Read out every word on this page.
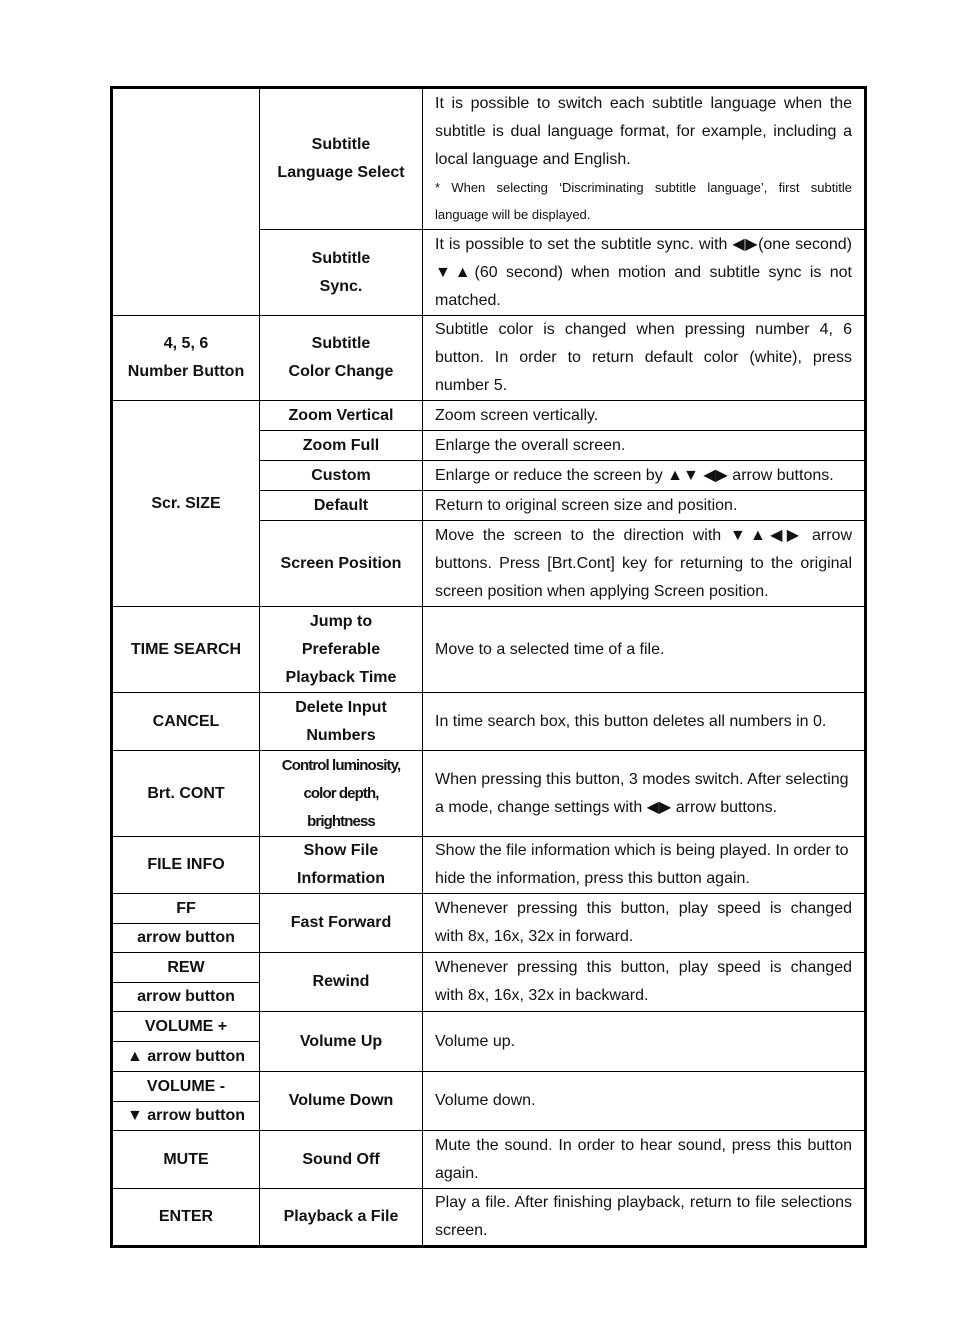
	Subtitle
Language Select	It is possible to switch each subtitle language when the subtitle is dual language format, for example, including a local language and English.
* When selecting ‘Discriminating subtitle language’, first subtitle language will be displayed.

	Subtitle
Sync.	It is possible to set the subtitle sync. with ◀▶(one second) ▼▲(60 second) when motion and subtitle sync is not matched.

4, 5, 6
Number Button	Subtitle
Color Change	Subtitle color is changed when pressing number 4, 6 button. In order to return default color (white), press number 5.
Scr. SIZE	Zoom Vertical	Zoom screen vertically.
	Zoom Full	Enlarge the overall screen.
	Custom	Enlarge or reduce the screen by ▲▼ ◀▶ arrow buttons.
	Default	Return to original screen size and position.
	Screen Position	Move the screen to the direction with ▼▲◀▶ arrow buttons. Press [Brt.Cont] key for returning to the original screen position when applying Screen position.
TIME SEARCH	Jump to
Preferable
Playback Time	Move to a selected time of a file.
CANCEL	Delete Input
Numbers	In time search box, this button deletes all numbers in 0.
Brt. CONT	Control luminosity,
color depth,
brightness	When pressing this button, 3 modes switch. After selecting
a mode, change settings with ◀▶ arrow buttons.

FILE INFO	Show File
Information	Show the file information which is being played. In order to hide the information, press this button again.
FF	Fast Forward	Whenever pressing this button, play speed is changed with 8x, 16x, 32x in forward.
arrow button		
REW	Rewind	Whenever pressing this button, play speed is changed with 8x, 16x, 32x in backward.
arrow button		
VOLUME +	Volume Up	Volume up.
▲ arrow button		
VOLUME -	Volume Down	Volume down.
▼ arrow button		
MUTE	Sound Off	Mute the sound. In order to hear sound, press this button again.
ENTER	Playback a File	Play a file. After finishing playback, return to file selections screen.
